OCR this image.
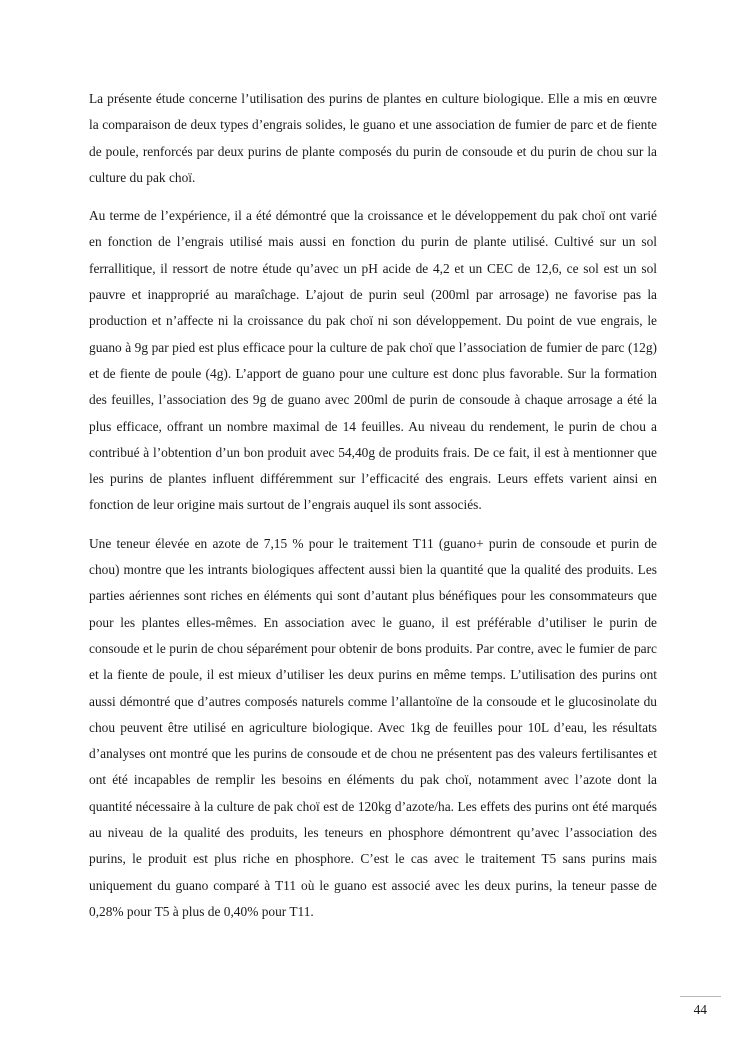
La présente étude concerne l’utilisation des purins de plantes en culture biologique. Elle a mis en œuvre la comparaison de deux types d’engrais solides, le guano et une association de fumier de parc et de fiente de poule, renforcés par deux purins de plante composés du purin de consoude et du purin de chou sur la culture du pak choï.

Au terme de l’expérience, il a été démontré que la croissance et le développement du pak choï ont varié en fonction de l’engrais utilisé mais aussi en fonction du purin de plante utilisé. Cultivé sur un sol ferrallitique, il ressort de notre étude qu’avec un pH acide de 4,2 et un CEC de 12,6, ce sol est un sol pauvre et inapproprié au maraîchage. L’ajout de purin seul (200ml par arrosage) ne favorise pas la production et n’affecte ni la croissance du pak choï ni son développement. Du point de vue engrais, le guano à 9g par pied est plus efficace pour la culture de pak choï que l’association de fumier de parc (12g) et de fiente de poule (4g). L’apport de guano pour une culture est donc plus favorable. Sur la formation des feuilles, l’association des 9g de guano avec 200ml de purin de consoude à chaque arrosage a été la plus efficace, offrant un nombre maximal de 14 feuilles. Au niveau du rendement, le purin de chou a contribué à l’obtention d’un bon produit avec 54,40g de produits frais. De ce fait, il est à mentionner que les purins de plantes influent différemment sur l’efficacité des engrais. Leurs effets varient ainsi en fonction de leur origine mais surtout de l’engrais auquel ils sont associés.

Une teneur élevée en azote de 7,15 % pour le traitement T11 (guano+ purin de consoude et purin de chou) montre que les intrants biologiques affectent aussi bien la quantité que la qualité des produits. Les parties aériennes sont riches en éléments qui sont d’autant plus bénéfiques pour les consommateurs que pour les plantes elles-mêmes. En association avec le guano, il est préférable d’utiliser le purin de consoude et le purin de chou séparément pour obtenir de bons produits. Par contre, avec le fumier de parc et la fiente de poule, il est mieux d’utiliser les deux purins en même temps. L’utilisation des purins ont aussi démontré que d’autres composés naturels comme l’allantoïne de la consoude et le glucosinolate du chou peuvent être utilisé en agriculture biologique. Avec 1kg de feuilles pour 10L d’eau, les résultats d’analyses ont montré que les purins de consoude et de chou ne présentent pas des valeurs fertilisantes et ont été incapables de remplir les besoins en éléments du pak choï, notamment avec l’azote dont la quantité nécessaire à la culture de pak choï est de 120kg d’azote/ha. Les effets des purins ont été marqués au niveau de la qualité des produits, les teneurs en phosphore démontrent qu’avec l’association des purins, le produit est plus riche en phosphore. C’est le cas avec le traitement T5 sans purins mais uniquement du guano comparé à T11 où le guano est associé avec les deux purins, la teneur passe de 0,28% pour T5 à plus de 0,40% pour T11.

44
